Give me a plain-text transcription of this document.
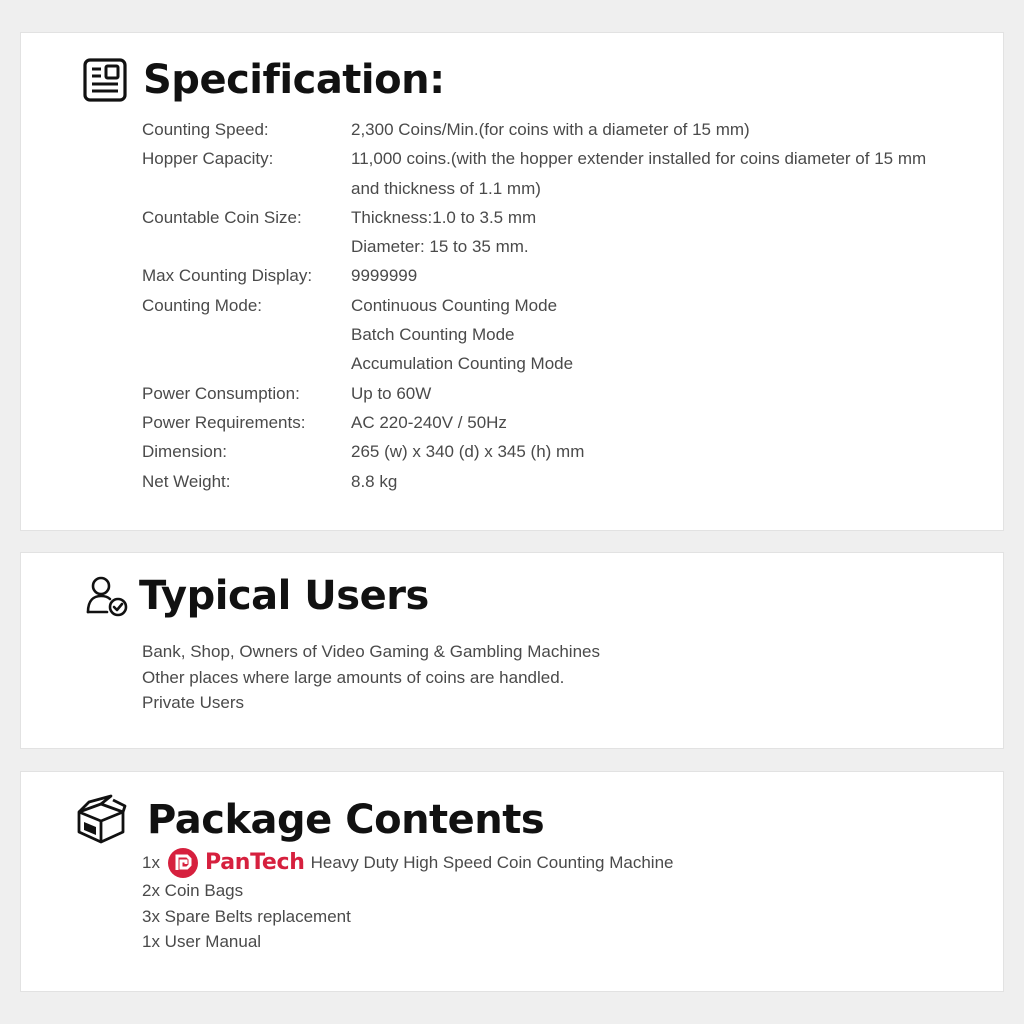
Specification:
Counting Speed:	2,300 Coins/Min.(for coins with a diameter of 15 mm)
Hopper Capacity:	11,000 coins.(with the hopper extender installed for coins diameter of 15 mm
and thickness of 1.1 mm)
Countable Coin Size:	Thickness:1.0 to 3.5 mm
Diameter: 15 to 35 mm.
Max Counting Display:	9999999
Counting Mode:	Continuous Counting Mode
Batch Counting Mode
Accumulation Counting Mode
Power Consumption:	Up to 60W
Power Requirements:	AC 220-240V / 50Hz
Dimension:	265 (w) x 340 (d) x 345 (h) mm
Net Weight:	8.8 kg
Typical Users
Bank, Shop, Owners of Video Gaming & Gambling Machines
Other places where large amounts of coins are handled.
Private Users
Package Contents
1x PanTech Heavy Duty High Speed Coin Counting Machine
2x Coin Bags
3x Spare Belts replacement
1x User Manual
